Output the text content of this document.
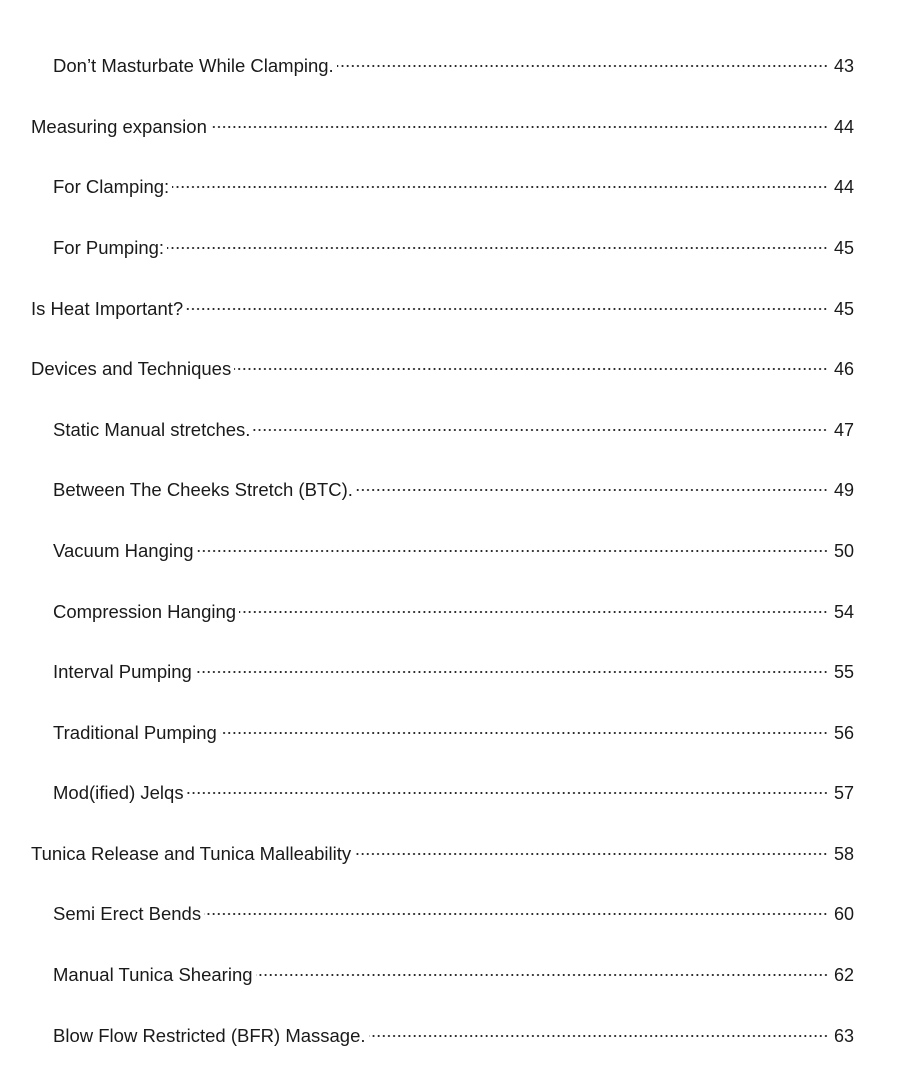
Don’t Masturbate While Clamping.	43
Measuring expansion	44
For Clamping:	44
For Pumping:	45
Is Heat Important?	45
Devices and Techniques	46
Static Manual stretches.	47
Between The Cheeks Stretch (BTC).	49
Vacuum Hanging	50
Compression Hanging	54
Interval Pumping	55
Traditional Pumping	56
Mod(ified) Jelqs	57
Tunica Release and Tunica Malleability	58
Semi Erect Bends	60
Manual Tunica Shearing	62
Blow Flow Restricted (BFR) Massage.	63
